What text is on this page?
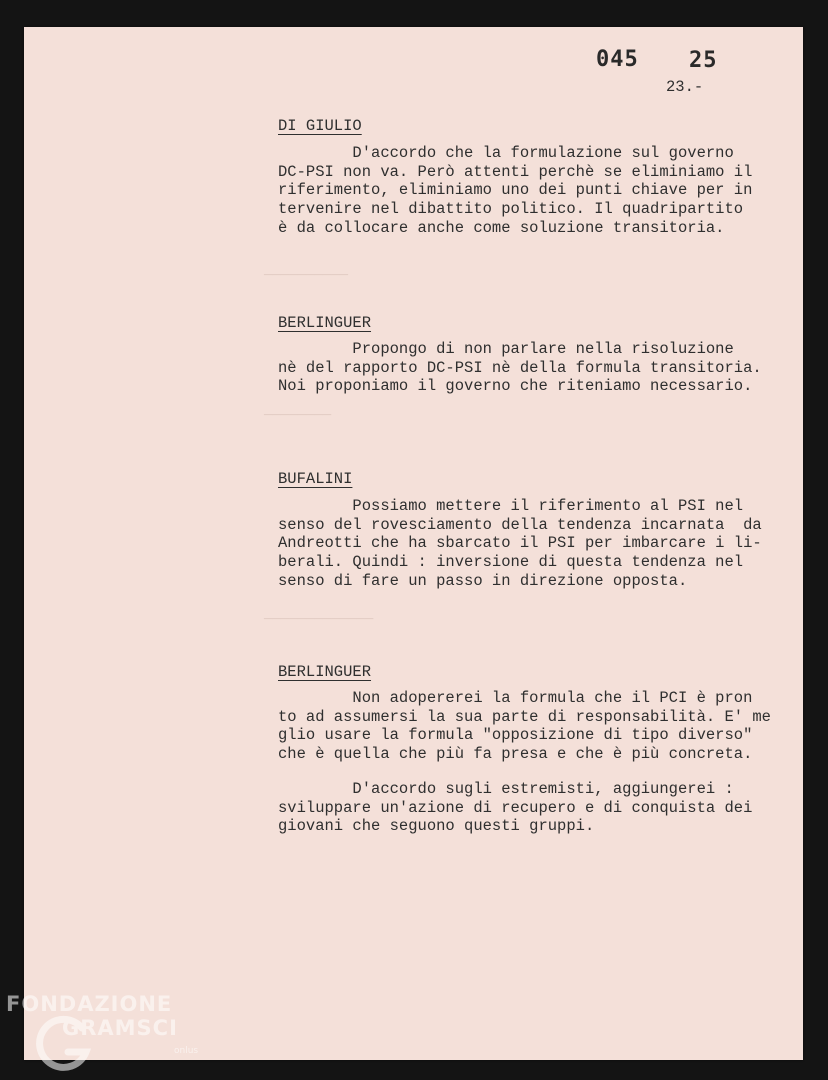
──────────
────────
─────────────
045 25
23.-
DI GIULIO

D'accordo che la formulazione sul governo
DC-PSI non va. Però attenti perchè se eliminiamo il
riferimento, eliminiamo uno dei punti chiave per in
tervenire nel dibattito politico. Il quadripartito
è da collocare anche come soluzione transitoria.

BERLINGUER

Propongo di non parlare nella risoluzione
nè del rapporto DC-PSI nè della formula transitoria.
Noi proponiamo il governo che riteniamo necessario.

BUFALINI

Possiamo mettere il riferimento al PSI nel
senso del rovesciamento della tendenza incarnata  da
Andreotti che ha sbarcato il PSI per imbarcare i li-
berali. Quindi : inversione di questa tendenza nel
senso di fare un passo in direzione opposta.

BERLINGUER

Non adopererei la formula che il PCI è pron
to ad assumersi la sua parte di responsabilità. E' me
glio usare la formula "opposizione di tipo diverso"
che è quella che più fa presa e che è più concreta.

D'accordo sugli estremisti, aggiungerei :
sviluppare un'azione di recupero e di conquista dei
giovani che seguono questi gruppi.

FONDAZIONE
GRAMSCI
onlus
